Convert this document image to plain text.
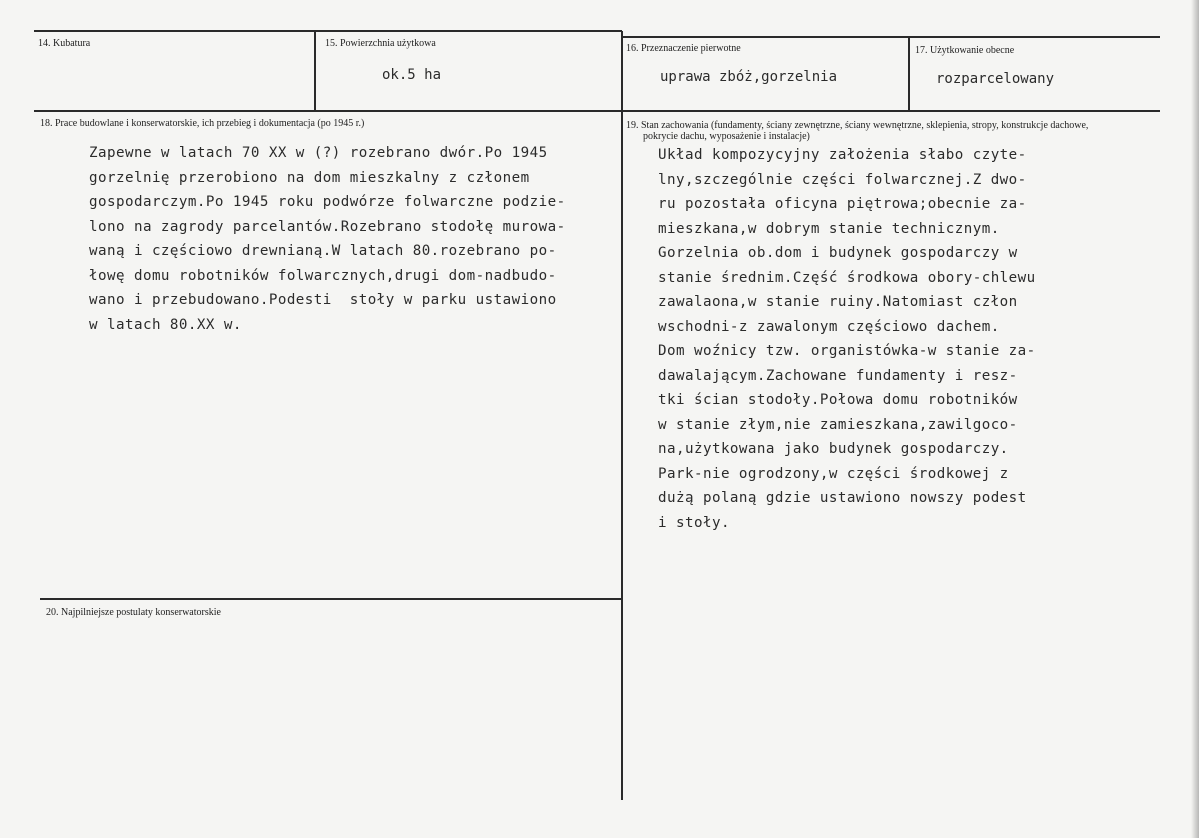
14. Kubatura	15. Powierzchnia użytkowa
ok.5 ha
16. Przeznaczenie pierwotne
uprawa zbóż,gorzelnia
17. Użytkowanie obecne
rozparcelowany
18. Prace budowlane i konserwatorskie, ich przebieg i dokumentacja (po 1945 r.)
Zapewne w latach 70 XX w (?) rozebrano dwór.Po 1945
gorzelnię przerobiono na dom mieszkalny z członem
gospodarczym.Po 1945 roku podwórze folwarczne podzie-
lono na zagrody parcelantów.Rozebrano stodołę murowa-
waną i częściowo drewnianą.W latach 80.rozebrano po-
łowę domu robotników folwarcznych,drugi dom-nadbudo-
wano i przebudowano.Podesti  stoły w parku ustawiono
w latach 80.XX w.
19. Stan zachowania (fundamenty, ściany zewnętrzne, ściany wewnętrzne, sklepienia, stropy, konstrukcje dachowe,
pokrycie dachu, wyposażenie i instalacje)
Układ kompozycyjny założenia słabo czyte-
lny,szczególnie części folwarcznej.Z dwo-
ru pozostała oficyna piętrowa;obecnie za-
mieszkana,w dobrym stanie technicznym.
Gorzelnia ob.dom i budynek gospodarczy w
stanie średnim.Część środkowa obory-chlewu
zawalaona,w stanie ruiny.Natomiast człon
wschodni-z zawalonym częściowo dachem.
Dom woźnicy tzw. organistówka-w stanie za-
dawalającym.Zachowane fundamenty i resz-
tki ścian stodoły.Połowa domu robotników
w stanie złym,nie zamieszkana,zawilgoco-
na,użytkowana jako budynek gospodarczy.
Park-nie ogrodzony,w części środkowej z
dużą polaną gdzie ustawiono nowszy podest
i stoły.
20. Najpilniejsze postulaty konserwatorskie
